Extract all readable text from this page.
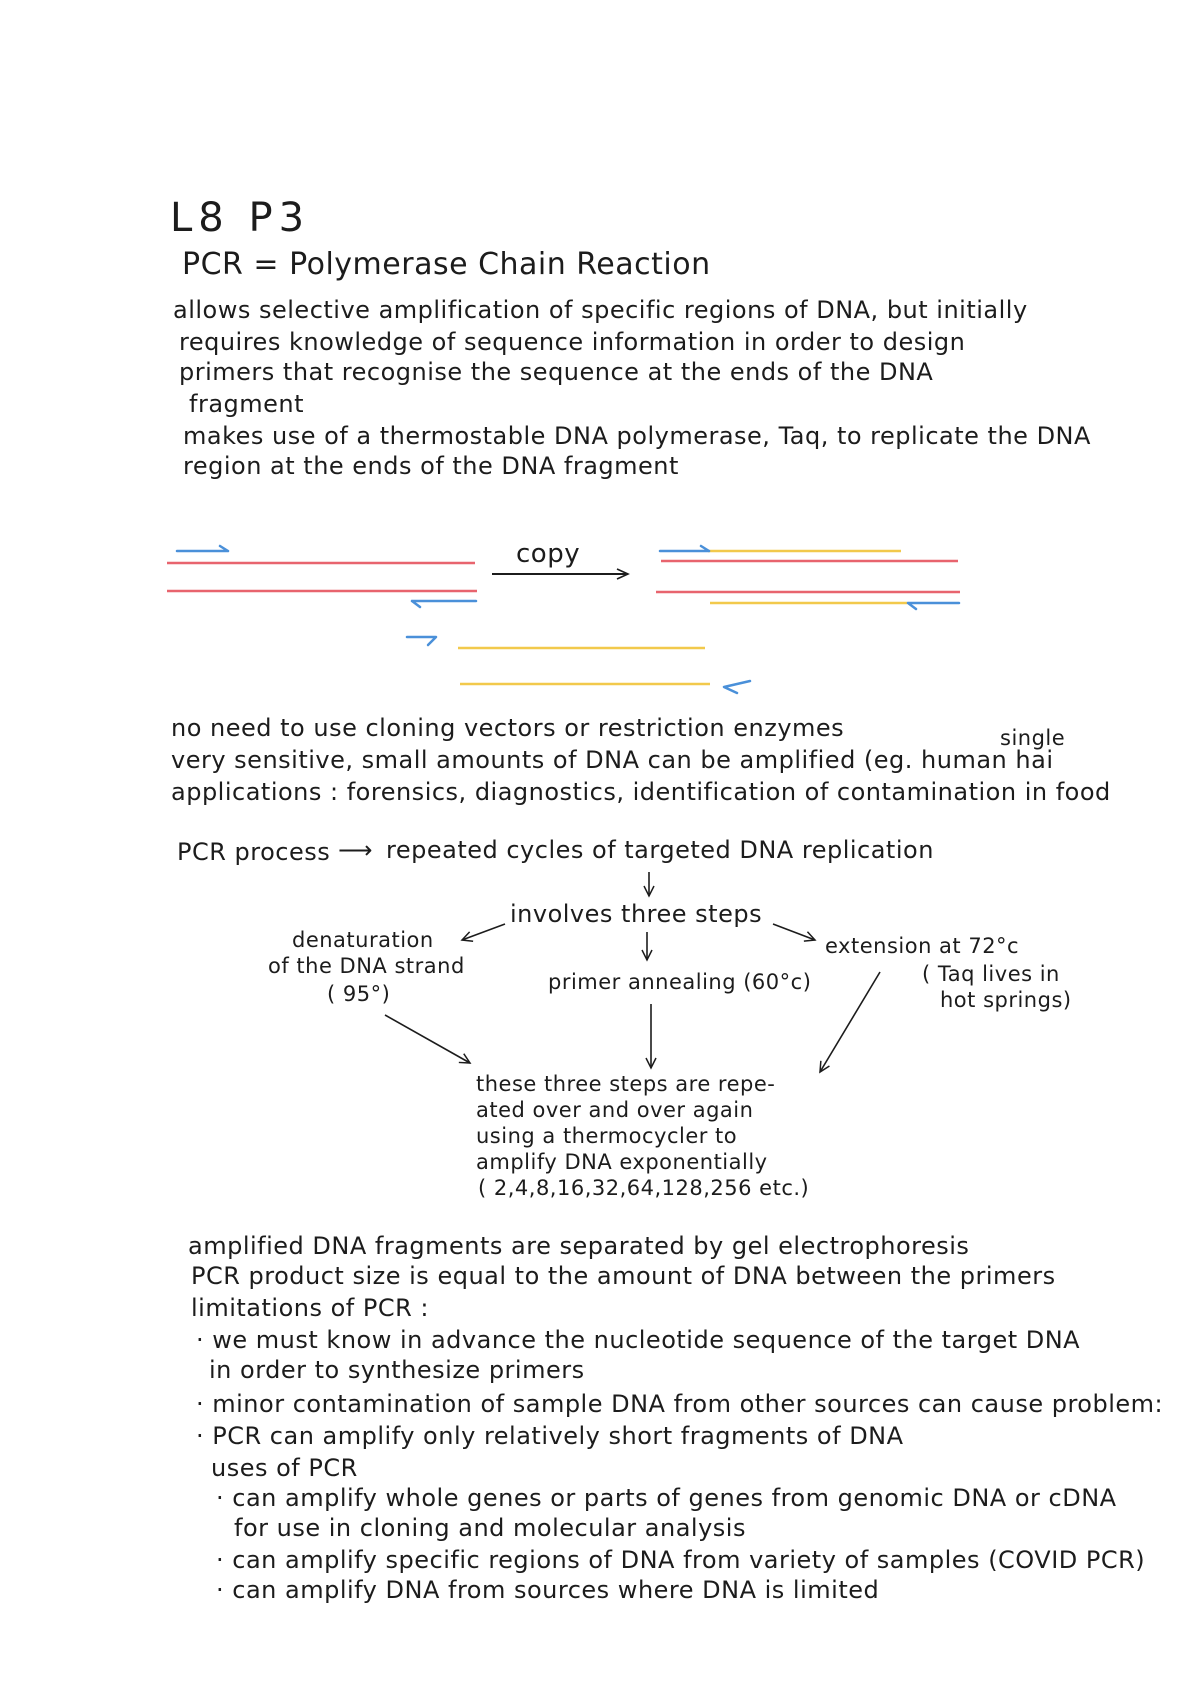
L8 P3
PCR = Polymerase Chain Reaction
allows selective amplification of specific regions of DNA, but initially
requires knowledge of sequence information in order to design
primers that recognise the sequence at the ends of the DNA
fragment
makes use of a thermostable DNA polymerase, Taq, to replicate the DNA
region at the ends of the DNA fragment
copy
no need to use cloning vectors or restriction enzymes	single
very sensitive, small amounts of DNA can be amplified (eg. human hai
applications : forensics, diagnostics, identification of contamination in food
PCR process ⟶ repeated cycles of targeted DNA replication
involves three steps
denaturation
of the DNA strand
( 95°)	primer annealing (60°c)
extension at 72°c
( Taq lives in
hot springs)
these three steps are repe-
ated over and over again
using a thermocycler to
amplify DNA exponentially
( 2,4,8,16,32,64,128,256 etc.)
amplified DNA fragments are separated by gel electrophoresis
PCR product size is equal to the amount of DNA between the primers
limitations of PCR :
· we must know in advance the nucleotide sequence of the target DNA
in order to synthesize primers
· minor contamination of sample DNA from other sources can cause problem:
· PCR can amplify only relatively short fragments of DNA
uses of PCR
· can amplify whole genes or parts of genes from genomic DNA or cDNA
for use in cloning and molecular analysis
· can amplify specific regions of DNA from variety of samples (COVID PCR)
· can amplify DNA from sources where DNA is limited
